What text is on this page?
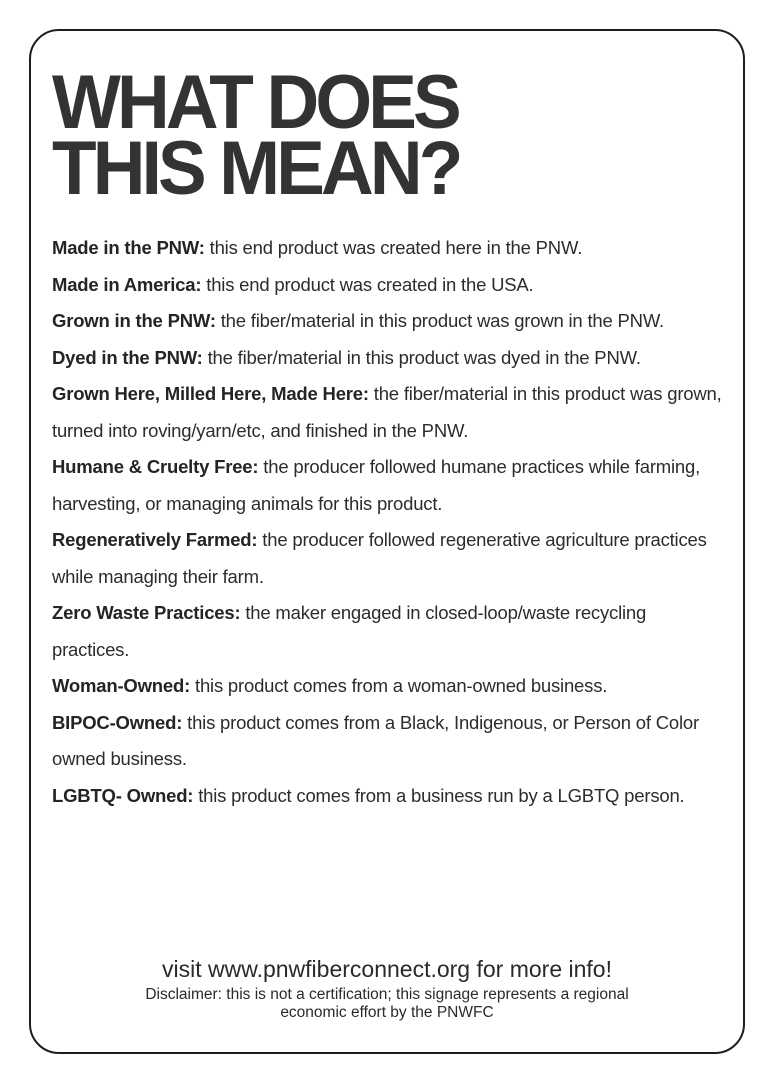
WHAT DOES
THIS MEAN?
Made in the PNW: this end product was created here in the PNW.
Made in America: this end product was created in the USA.
Grown in the PNW: the fiber/material in this product was grown in the PNW.
Dyed in the PNW: the fiber/material in this product was dyed in the PNW.
Grown Here, Milled Here, Made Here: the fiber/material in this product was grown, turned into roving/yarn/etc, and finished in the PNW.
Humane & Cruelty Free: the producer followed humane practices while farming, harvesting, or managing animals for this product.
Regeneratively Farmed: the producer followed regenerative agriculture practices while managing their farm.
Zero Waste Practices: the maker engaged in closed-loop/waste recycling practices.
Woman-Owned: this product comes from a woman-owned business.
BIPOC-Owned: this product comes from a Black, Indigenous, or Person of Color owned business.
LGBTQ- Owned: this product comes from a business run by a LGBTQ person.
visit www.pnwfiberconnect.org for more info!
Disclaimer: this is not a certification; this signage represents a regional economic effort by the PNWFC
